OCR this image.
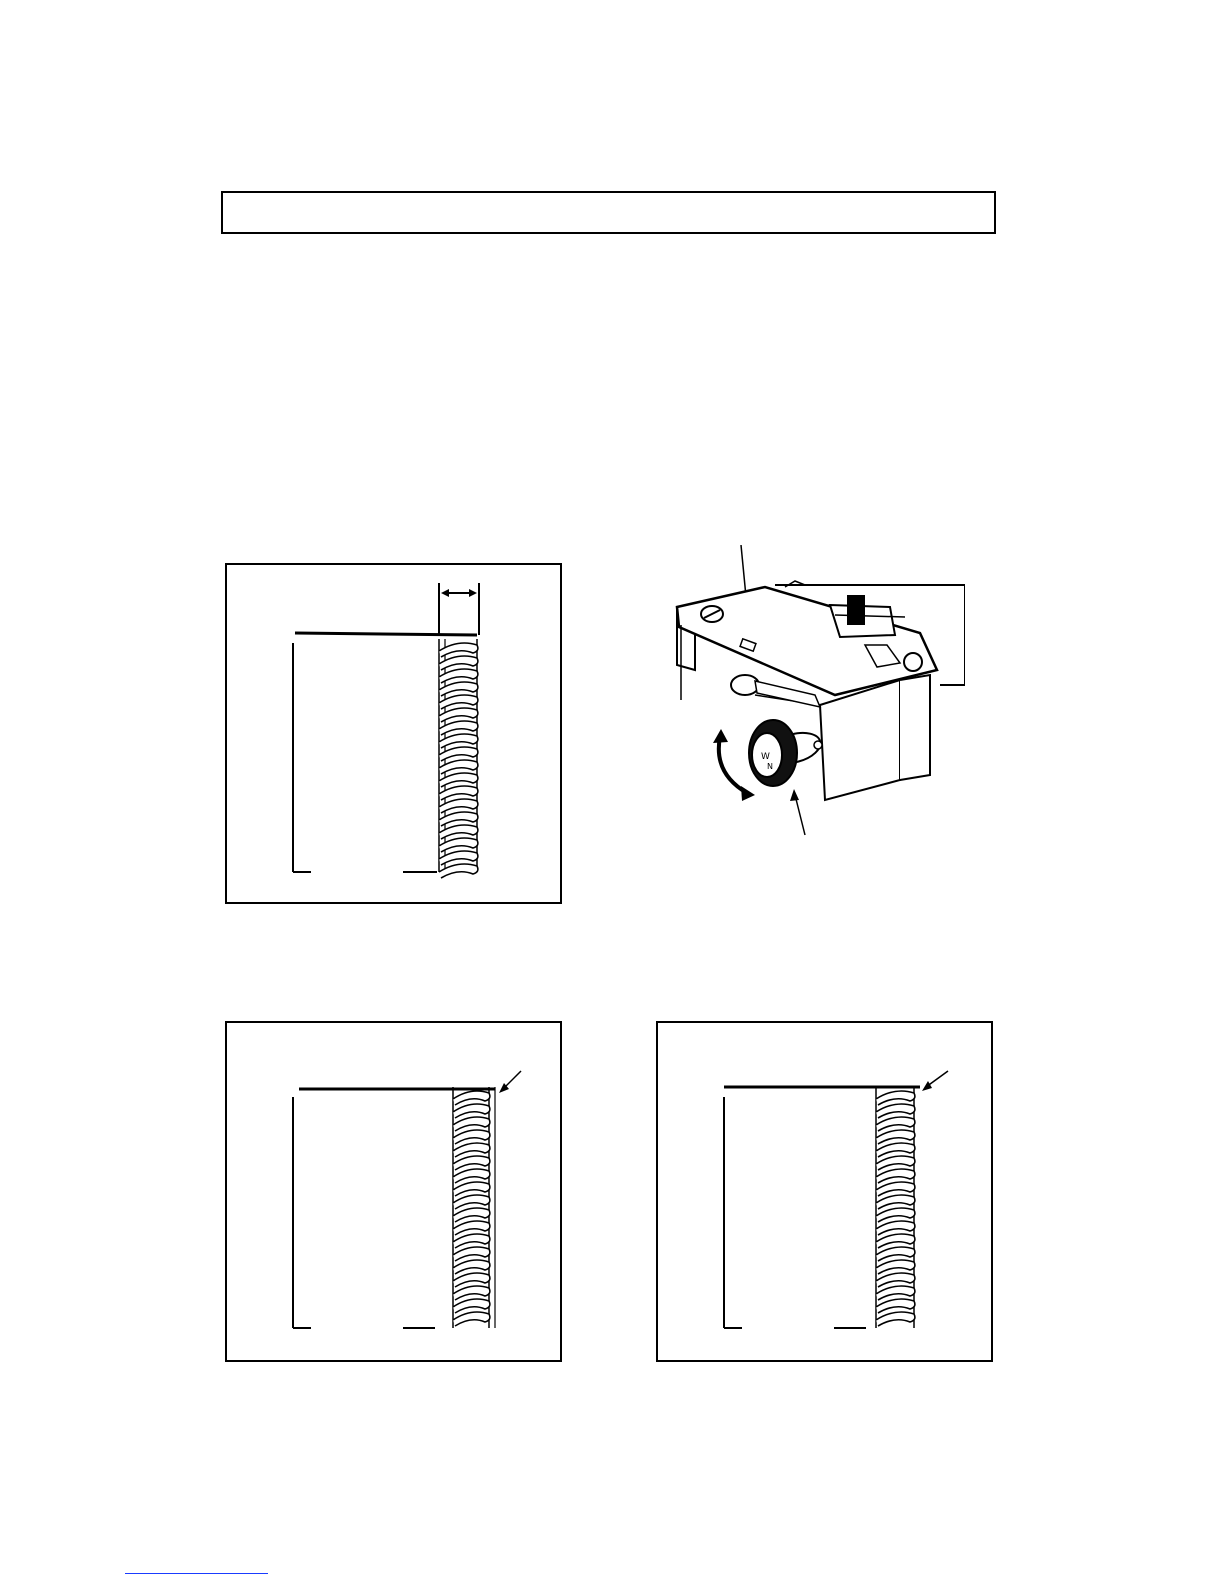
W
N
